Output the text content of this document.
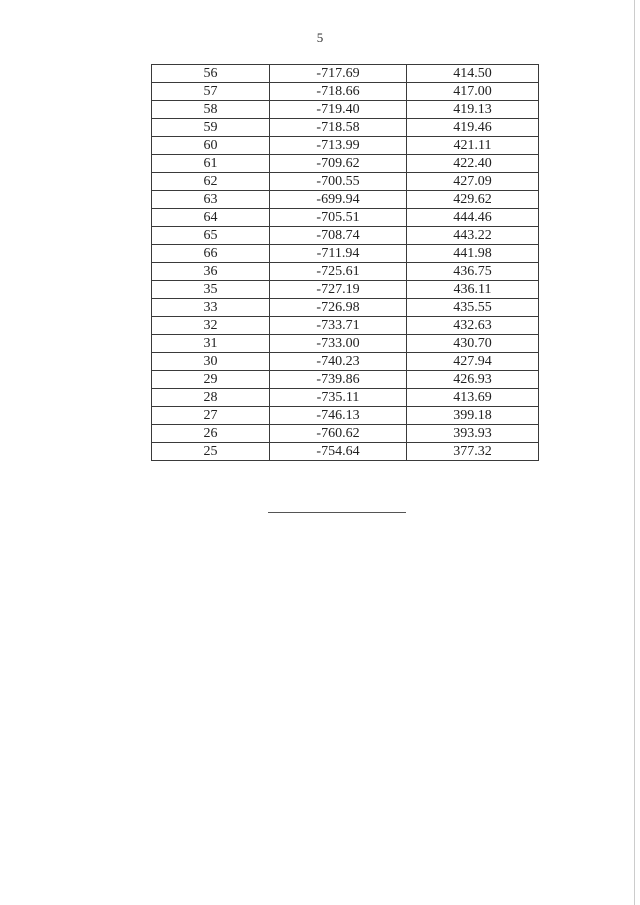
5
56	-717.69	414.50
57	-718.66	417.00
58	-719.40	419.13
59	-718.58	419.46
60	-713.99	421.11
61	-709.62	422.40
62	-700.55	427.09
63	-699.94	429.62
64	-705.51	444.46
65	-708.74	443.22
66	-711.94	441.98
36	-725.61	436.75
35	-727.19	436.11
33	-726.98	435.55
32	-733.71	432.63
31	-733.00	430.70
30	-740.23	427.94
29	-739.86	426.93
28	-735.11	413.69
27	-746.13	399.18
26	-760.62	393.93
25	-754.64	377.32
